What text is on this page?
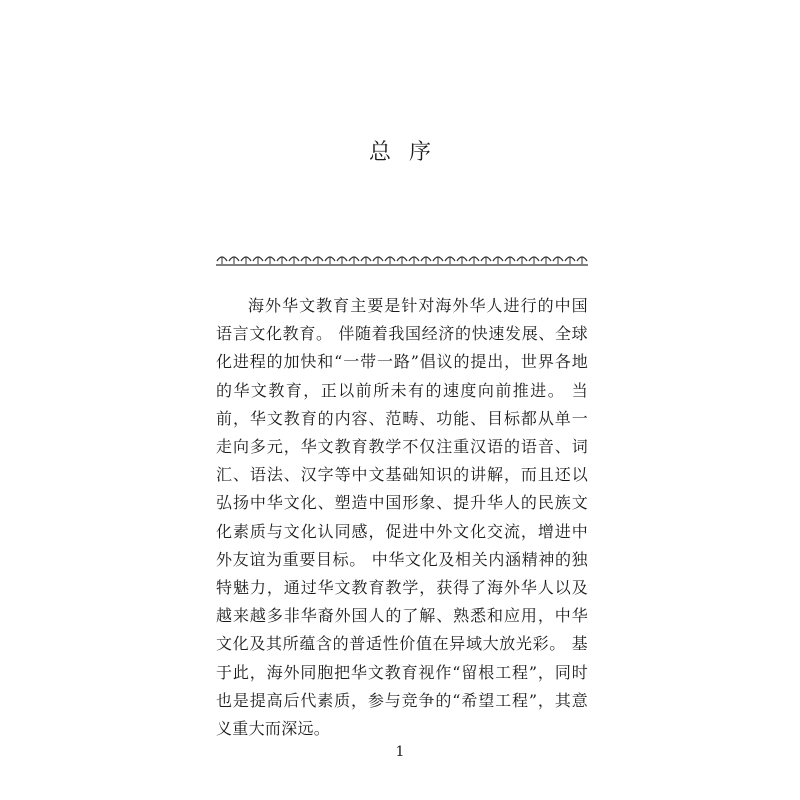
总序

海外华文教育主要是针对海外华人进行的中国语言文化教育。 伴随着我国经济的快速发展、全球化进程的加快和“一带一路”倡议的提出，世界各地的华文教育，正以前所未有的速度向前推进。 当前，华文教育的内容、范畴、功能、目标都从单一走向多元，华文教育教学不仅注重汉语的语音、词汇、语法、汉字等中文基础知识的讲解，而且还以弘扬中华文化、塑造中国形象、提升华人的民族文化素质与文化认同感，促进中外文化交流，增进中外友谊为重要目标。 中华文化及相关内涵精神的独特魅力，通过华文教育教学，获得了海外华人以及越来越多非华裔外国人的了解、熟悉和应用，中华文化及其所蕴含的普适性价值在异域大放光彩。 基于此，海外同胞把华文教育视作“留根工程”，同时也是提高后代素质，参与竞争的“希望工程”，其意义重大而深远。

1
